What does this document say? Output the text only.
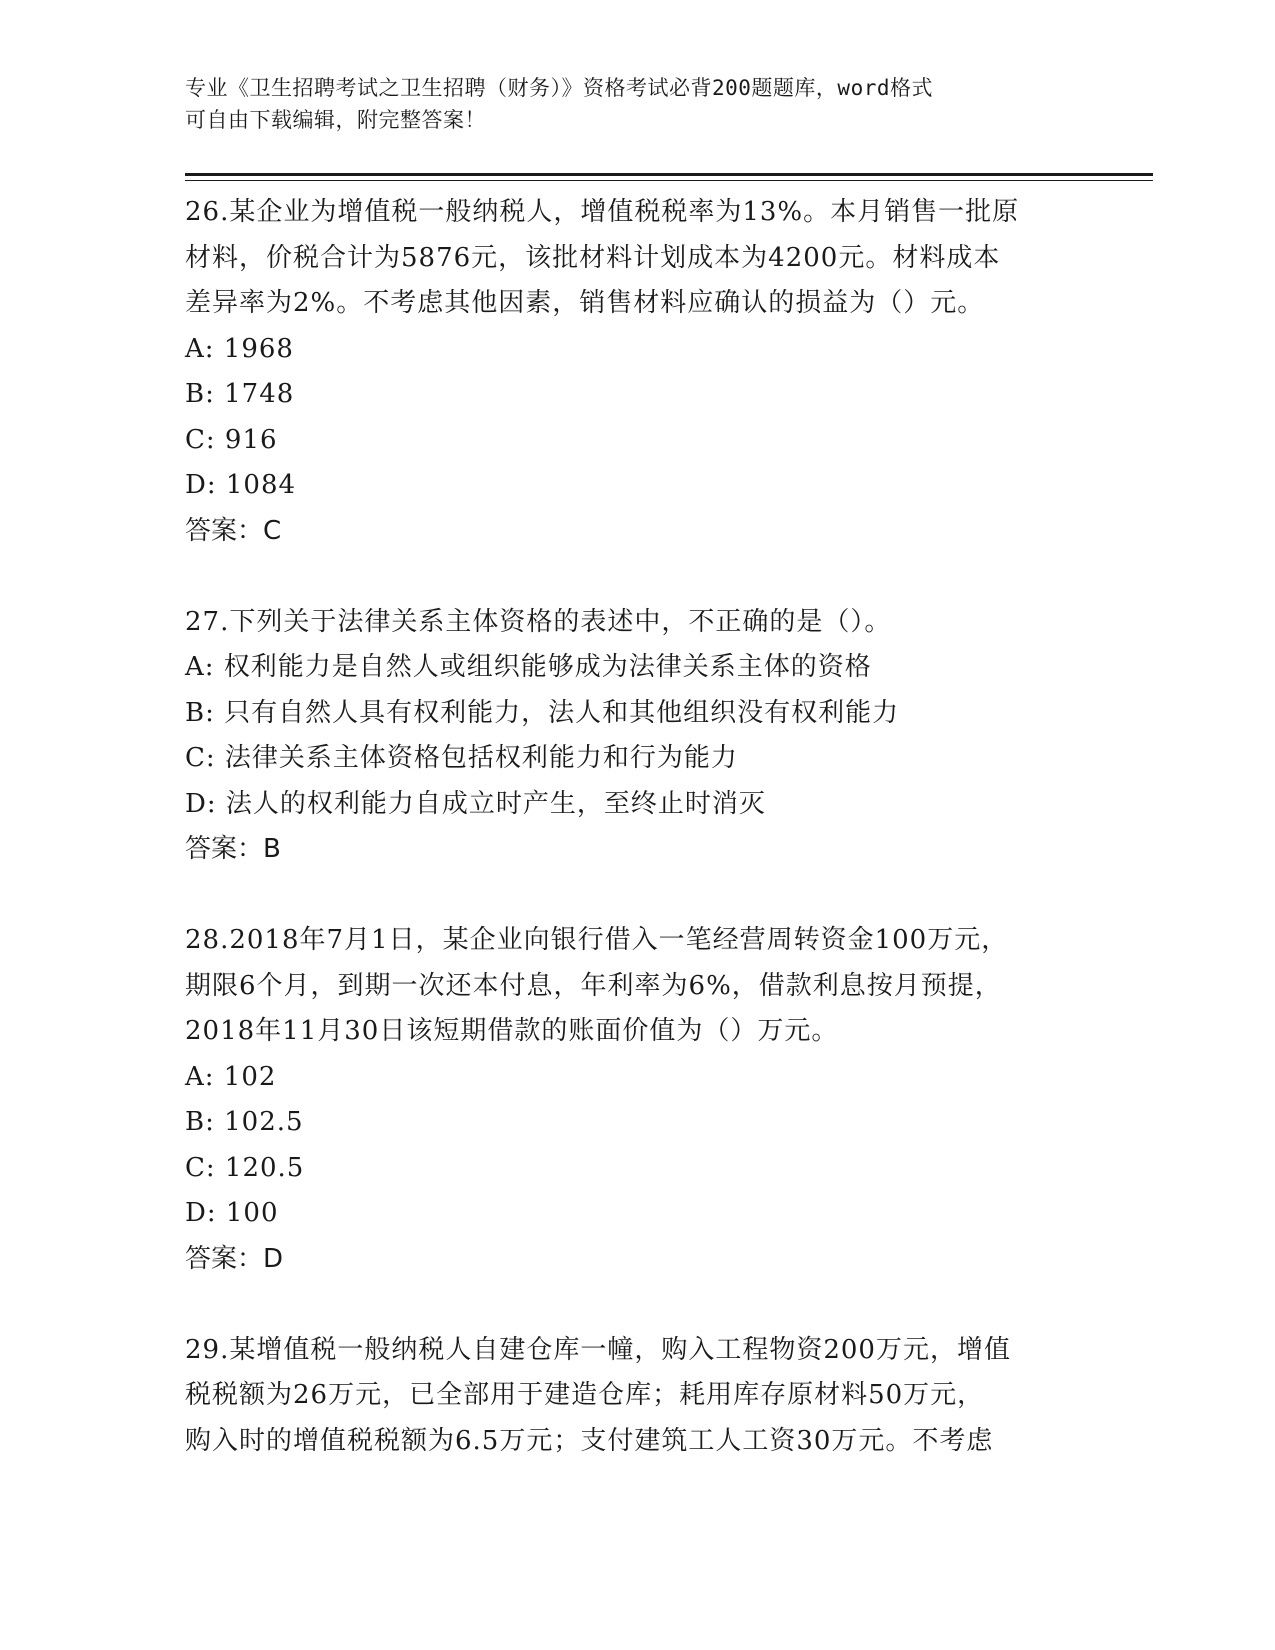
专业《卫生招聘考试之卫生招聘（财务）》资格考试必背200题题库，word格式
可自由下载编辑，附完整答案！
26.某企业为增值税一般纳税人，增值税税率为13%。本月销售一批原
材料，价税合计为5876元，该批材料计划成本为4200元。材料成本
差异率为2%。不考虑其他因素，销售材料应确认的损益为（）元。
A: 1968
B: 1748
C: 916
D: 1084
答案：C
27.下列关于法律关系主体资格的表述中，不正确的是（）。
A: 权利能力是自然人或组织能够成为法律关系主体的资格
B: 只有自然人具有权利能力，法人和其他组织没有权利能力
C: 法律关系主体资格包括权利能力和行为能力
D: 法人的权利能力自成立时产生，至终止时消灭
答案：B
28.2018年7月1日，某企业向银行借入一笔经营周转资金100万元，
期限6个月，到期一次还本付息，年利率为6%，借款利息按月预提，
2018年11月30日该短期借款的账面价值为（）万元。
A: 102
B: 102.5
C: 120.5
D: 100
答案：D
29.某增值税一般纳税人自建仓库一幢，购入工程物资200万元，增值
税税额为26万元，已全部用于建造仓库；耗用库存原材料50万元，
购入时的增值税税额为6.5万元；支付建筑工人工资30万元。不考虑
